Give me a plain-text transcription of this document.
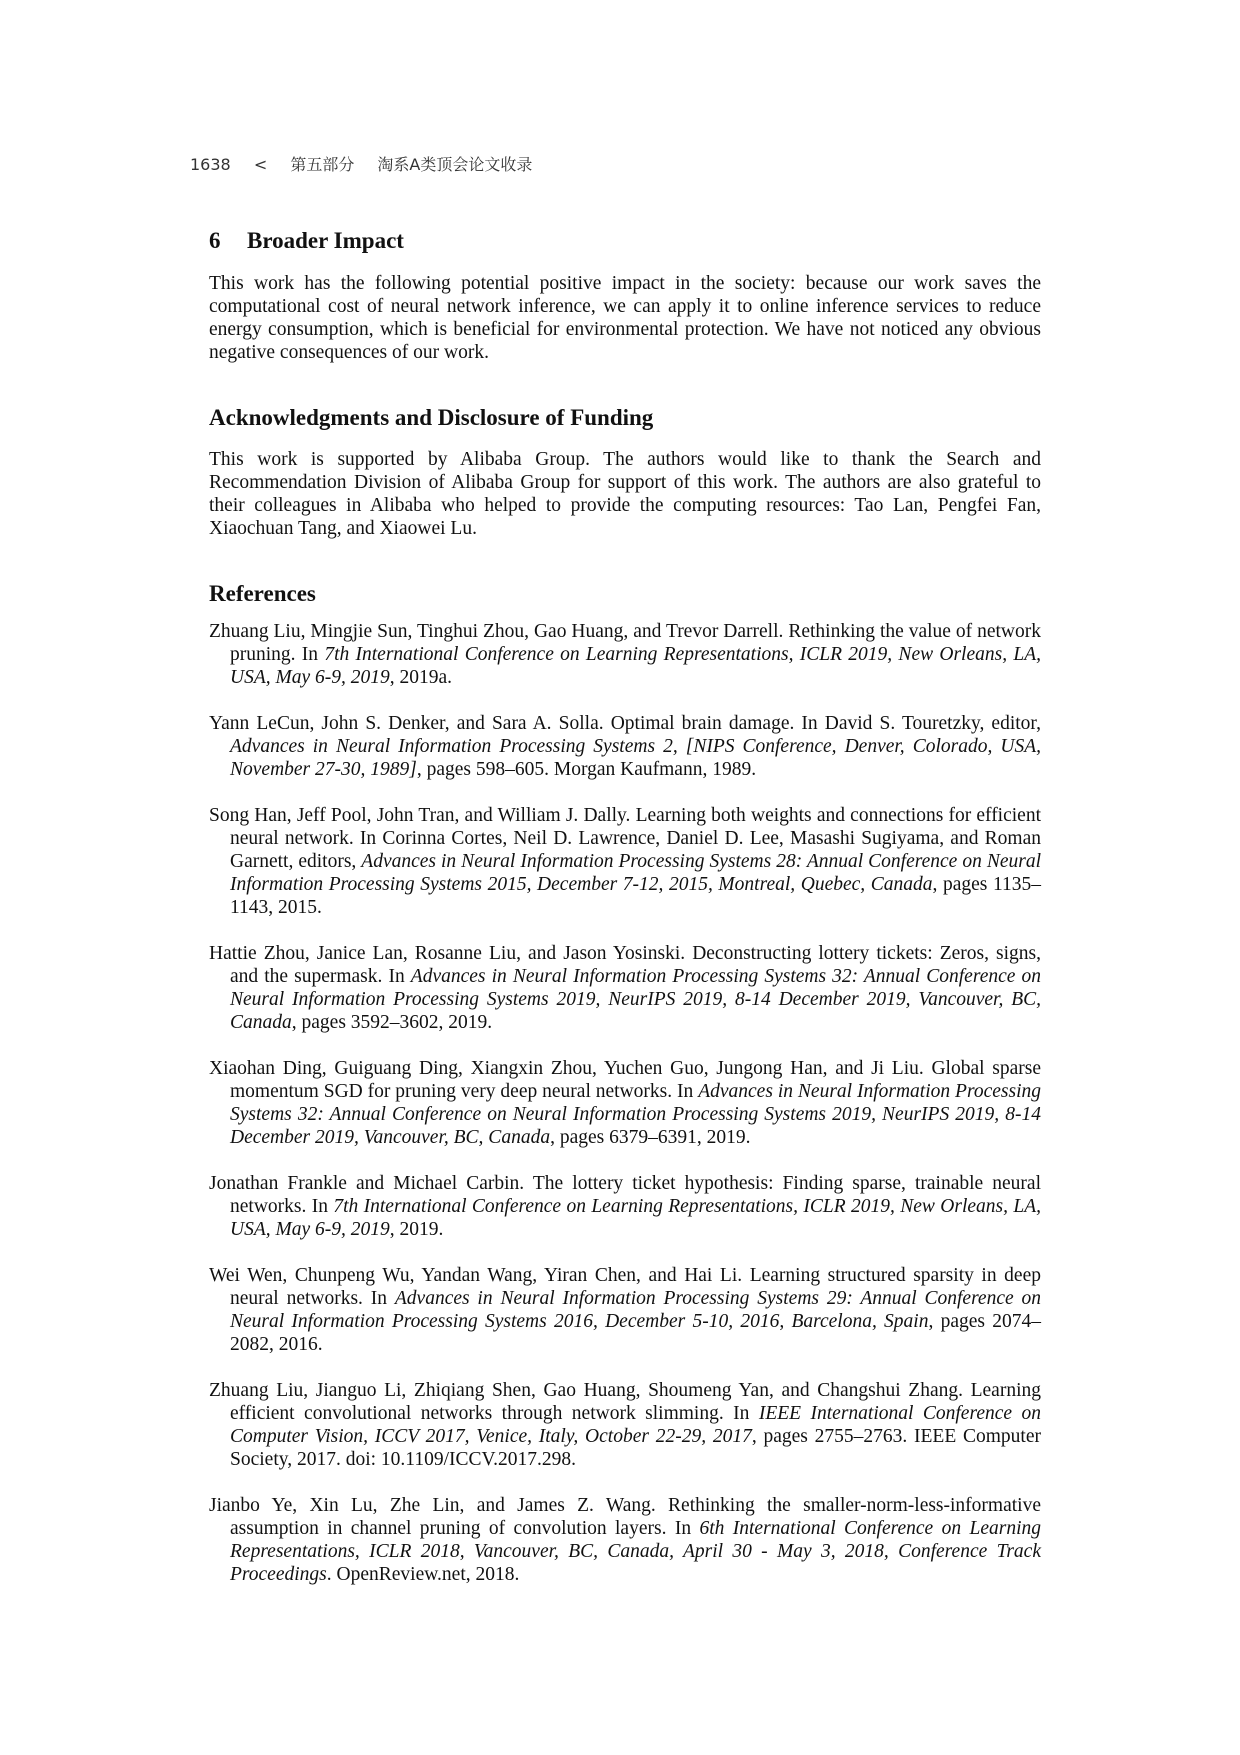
1638 < 第五部分 淘系A类顶会论文收录
6 Broader Impact

This work has the following potential positive impact in the society: because our work saves the computational cost of neural network inference, we can apply it to online inference services to reduce energy consumption, which is beneficial for environmental protection. We have not noticed any obvious negative consequences of our work.

Acknowledgments and Disclosure of Funding

This work is supported by Alibaba Group. The authors would like to thank the Search and Recommendation Division of Alibaba Group for support of this work. The authors are also grateful to their colleagues in Alibaba who helped to provide the computing resources: Tao Lan, Pengfei Fan, Xiaochuan Tang, and Xiaowei Lu.

References
Zhuang Liu, Mingjie Sun, Tinghui Zhou, Gao Huang, and Trevor Darrell. Rethinking the value of network pruning. In 7th International Conference on Learning Representations, ICLR 2019, New Orleans, LA, USA, May 6-9, 2019, 2019a.
Yann LeCun, John S. Denker, and Sara A. Solla. Optimal brain damage. In David S. Touretzky, editor, Advances in Neural Information Processing Systems 2, [NIPS Conference, Denver, Colorado, USA, November 27-30, 1989], pages 598–605. Morgan Kaufmann, 1989.
Song Han, Jeff Pool, John Tran, and William J. Dally. Learning both weights and connections for efficient neural network. In Corinna Cortes, Neil D. Lawrence, Daniel D. Lee, Masashi Sugiyama, and Roman Garnett, editors, Advances in Neural Information Processing Systems 28: Annual Conference on Neural Information Processing Systems 2015, December 7-12, 2015, Montreal, Quebec, Canada, pages 1135–1143, 2015.
Hattie Zhou, Janice Lan, Rosanne Liu, and Jason Yosinski. Deconstructing lottery tickets: Zeros, signs, and the supermask. In Advances in Neural Information Processing Systems 32: Annual Conference on Neural Information Processing Systems 2019, NeurIPS 2019, 8-14 December 2019, Vancouver, BC, Canada, pages 3592–3602, 2019.
Xiaohan Ding, Guiguang Ding, Xiangxin Zhou, Yuchen Guo, Jungong Han, and Ji Liu. Global sparse momentum SGD for pruning very deep neural networks. In Advances in Neural Information Processing Systems 32: Annual Conference on Neural Information Processing Systems 2019, NeurIPS 2019, 8-14 December 2019, Vancouver, BC, Canada, pages 6379–6391, 2019.
Jonathan Frankle and Michael Carbin. The lottery ticket hypothesis: Finding sparse, trainable neural networks. In 7th International Conference on Learning Representations, ICLR 2019, New Orleans, LA, USA, May 6-9, 2019, 2019.
Wei Wen, Chunpeng Wu, Yandan Wang, Yiran Chen, and Hai Li. Learning structured sparsity in deep neural networks. In Advances in Neural Information Processing Systems 29: Annual Conference on Neural Information Processing Systems 2016, December 5-10, 2016, Barcelona, Spain, pages 2074–2082, 2016.
Zhuang Liu, Jianguo Li, Zhiqiang Shen, Gao Huang, Shoumeng Yan, and Changshui Zhang. Learning efficient convolutional networks through network slimming. In IEEE International Conference on Computer Vision, ICCV 2017, Venice, Italy, October 22-29, 2017, pages 2755–2763. IEEE Computer Society, 2017. doi: 10.1109/ICCV.2017.298.
Jianbo Ye, Xin Lu, Zhe Lin, and James Z. Wang. Rethinking the smaller-norm-less-informative assumption in channel pruning of convolution layers. In 6th International Conference on Learning Representations, ICLR 2018, Vancouver, BC, Canada, April 30 - May 3, 2018, Conference Track Proceedings. OpenReview.net, 2018.
